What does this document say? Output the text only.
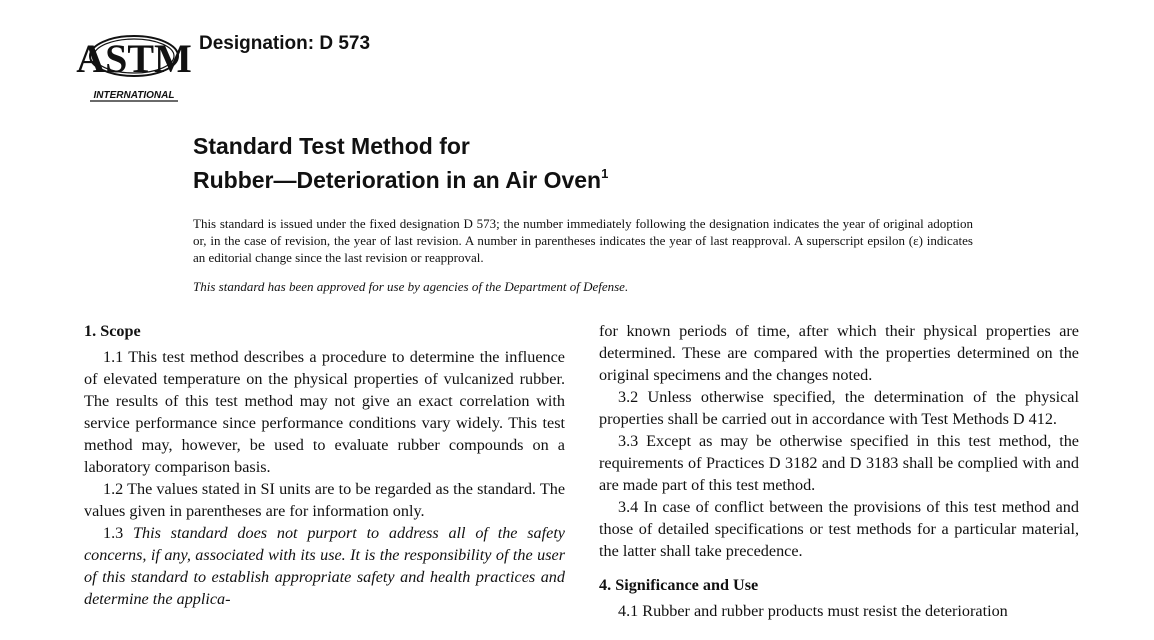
ASTM
INTERNATIONAL
Designation: D 573
Standard Test Method for
Rubber—Deterioration in an Air Oven$^1$

This standard is issued under the fixed designation D 573; the number immediately following the designation indicates the year of original adoption or, in the case of revision, the year of last revision. A number in parentheses indicates the year of last reapproval. A superscript epsilon (ε) indicates an editorial change since the last revision or reapproval.

This standard has been approved for use by agencies of the Department of Defense.

1. Scope

1.1 This test method describes a procedure to determine the influence of elevated temperature on the physical properties of vulcanized rubber. The results of this test method may not give an exact correlation with service performance since performance conditions vary widely. This test method may, however, be used to evaluate rubber compounds on a laboratory comparison basis.

1.2 The values stated in SI units are to be regarded as the standard. The values given in parentheses are for information only.

1.3 This standard does not purport to address all of the safety concerns, if any, associated with its use. It is the responsibility of the user of this standard to establish appropriate safety and health practices and determine the applica-

for known periods of time, after which their physical properties are determined. These are compared with the properties determined on the original specimens and the changes noted.

3.2 Unless otherwise specified, the determination of the physical properties shall be carried out in accordance with Test Methods D 412.

3.3 Except as may be otherwise specified in this test method, the requirements of Practices D 3182 and D 3183 shall be complied with and are made part of this test method.

3.4 In case of conflict between the provisions of this test method and those of detailed specifications or test methods for a particular material, the latter shall take precedence.

4. Significance and Use

4.1 Rubber and rubber products must resist the deterioration
